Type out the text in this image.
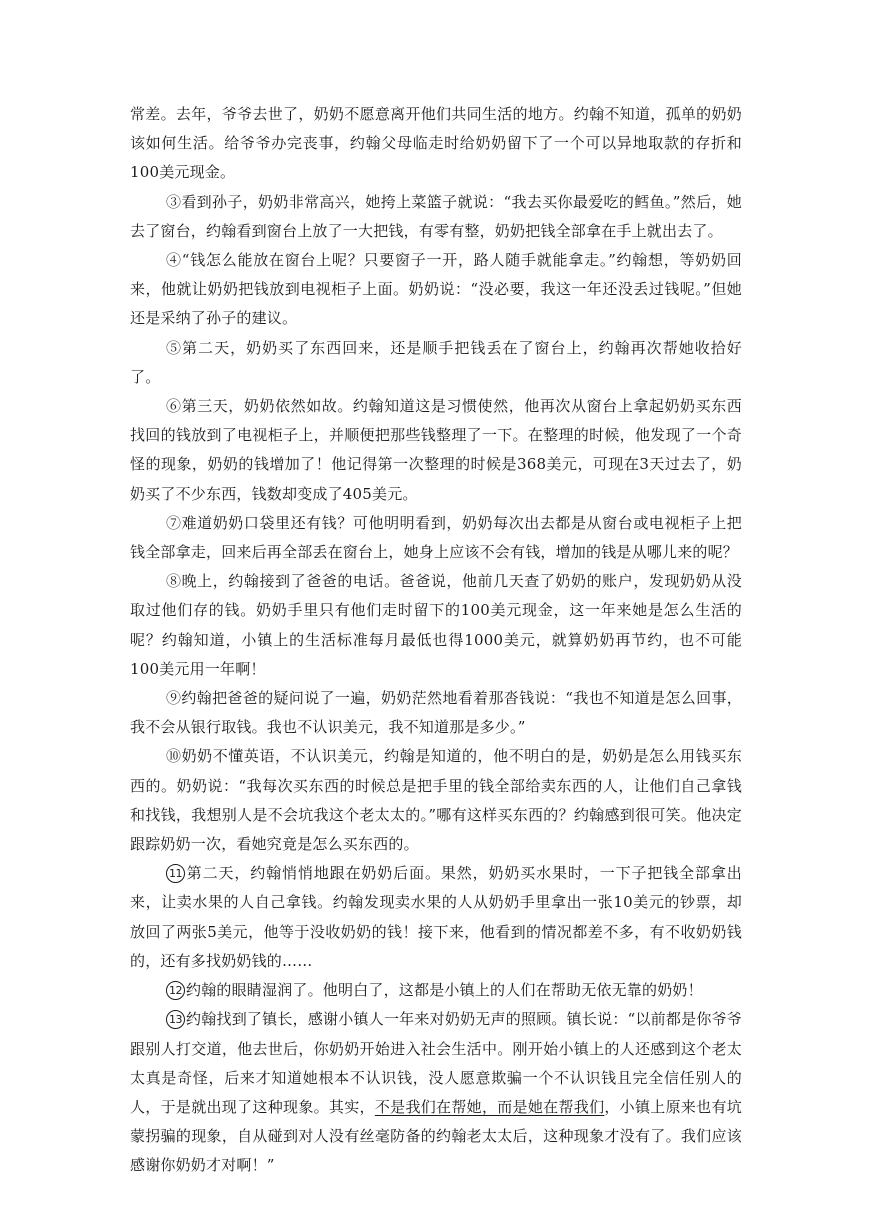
常差。去年，爷爷去世了，奶奶不愿意离开他们共同生活的地方。约翰不知道，孤单的奶奶该如何生活。给爷爷办完丧事，约翰父母临走时给奶奶留下了一个可以异地取款的存折和100美元现金。

③看到孙子，奶奶非常高兴，她挎上菜篮子就说：“我去买你最爱吃的鳕鱼。”然后，她去了窗台，约翰看到窗台上放了一大把钱，有零有整，奶奶把钱全部拿在手上就出去了。

④“钱怎么能放在窗台上呢？只要窗子一开，路人随手就能拿走。”约翰想，等奶奶回来，他就让奶奶把钱放到电视柜子上面。奶奶说：“没必要，我这一年还没丢过钱呢。”但她还是采纳了孙子的建议。

⑤第二天，奶奶买了东西回来，还是顺手把钱丢在了窗台上，约翰再次帮她收拾好了。

⑥第三天，奶奶依然如故。约翰知道这是习惯使然，他再次从窗台上拿起奶奶买东西找回的钱放到了电视柜子上，并顺便把那些钱整理了一下。在整理的时候，他发现了一个奇怪的现象，奶奶的钱增加了！他记得第一次整理的时候是368美元，可现在3天过去了，奶奶买了不少东西，钱数却变成了405美元。

⑦难道奶奶口袋里还有钱？可他明明看到，奶奶每次出去都是从窗台或电视柜子上把钱全部拿走，回来后再全部丢在窗台上，她身上应该不会有钱，增加的钱是从哪儿来的呢？

⑧晚上，约翰接到了爸爸的电话。爸爸说，他前几天查了奶奶的账户，发现奶奶从没取过他们存的钱。奶奶手里只有他们走时留下的100美元现金，这一年来她是怎么生活的呢？约翰知道，小镇上的生活标准每月最低也得1000美元，就算奶奶再节约，也不可能100美元用一年啊！

⑨约翰把爸爸的疑问说了一遍，奶奶茫然地看着那沓钱说：“我也不知道是怎么回事，我不会从银行取钱。我也不认识美元，我不知道那是多少。”

⑩奶奶不懂英语，不认识美元，约翰是知道的，他不明白的是，奶奶是怎么用钱买东西的。奶奶说：“我每次买东西的时候总是把手里的钱全部给卖东西的人，让他们自己拿钱和找钱，我想别人是不会坑我这个老太太的。”哪有这样买东西的？约翰感到很可笑。他决定跟踪奶奶一次，看她究竟是怎么买东西的。

11 第二天，约翰悄悄地跟在奶奶后面。果然，奶奶买水果时，一下子把钱全部拿出来，让卖水果的人自己拿钱。约翰发现卖水果的人从奶奶手里拿出一张10美元的钞票，却放回了两张5美元，他等于没收奶奶的钱！接下来，他看到的情况都差不多，有不收奶奶钱的，还有多找奶奶钱的……

12 约翰的眼睛湿润了。他明白了，这都是小镇上的人们在帮助无依无靠的奶奶！

13 约翰找到了镇长，感谢小镇人一年来对奶奶无声的照顾。镇长说：“以前都是你爷爷跟别人打交道，他去世后，你奶奶开始进入社会生活中。刚开始小镇上的人还感到这个老太太真是奇怪，后来才知道她根本不认识钱，没人愿意欺骗一个不认识钱且完全信任别人的人，于是就出现了这种现象。其实，不是我们在帮她，而是她在帮我们，小镇上原来也有坑蒙拐骗的现象，自从碰到对人没有丝毫防备的约翰老太太后，这种现象才没有了。我们应该感谢你奶奶才对啊！”
